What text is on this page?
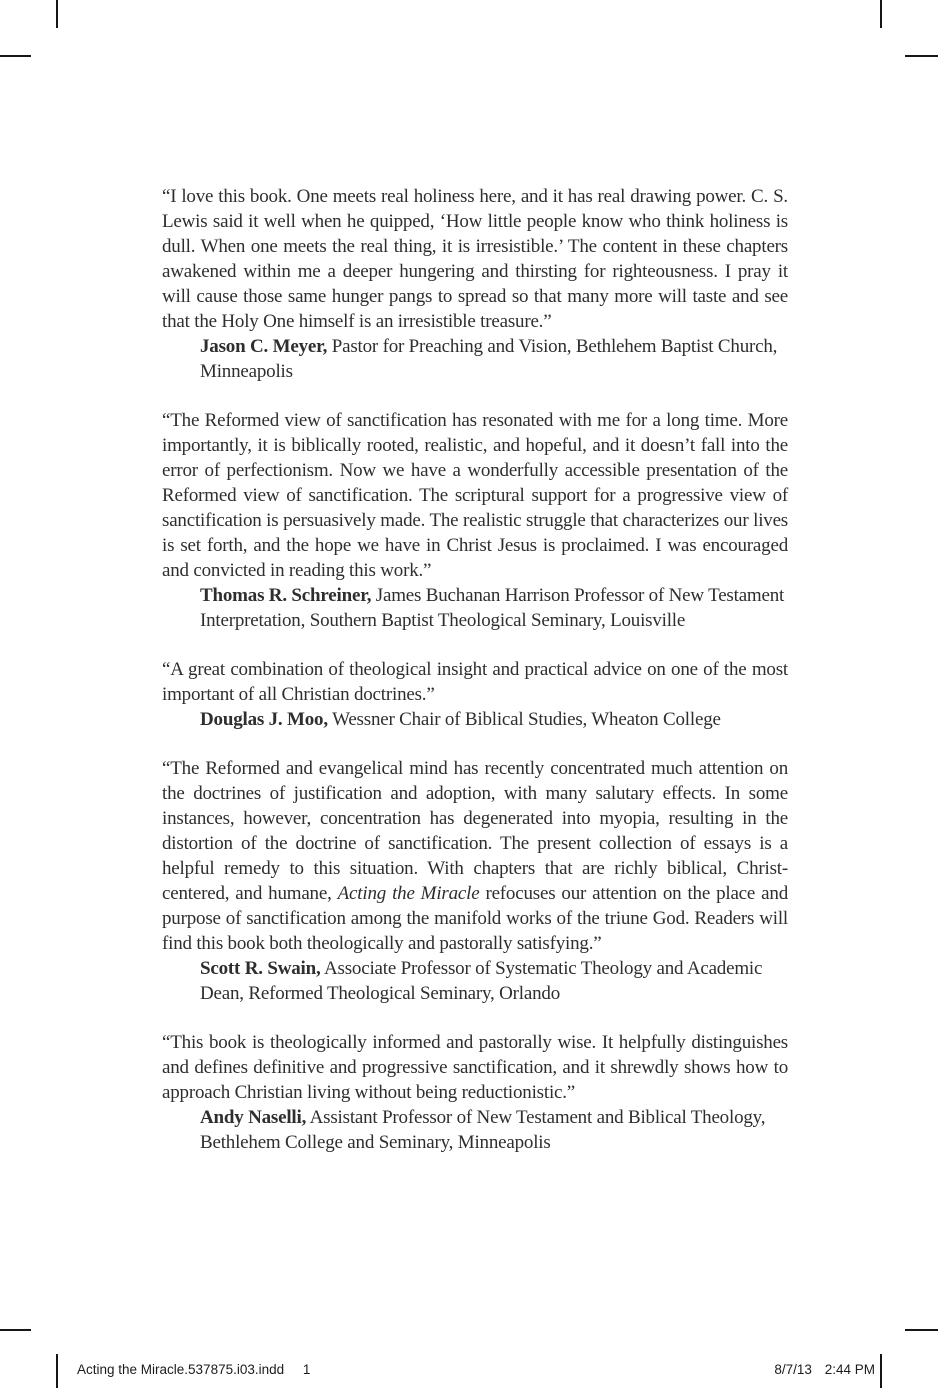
“I love this book. One meets real holiness here, and it has real drawing power. C. S. Lewis said it well when he quipped, ‘How little people know who think holiness is dull. When one meets the real thing, it is irresistible.’ The content in these chapters awakened within me a deeper hungering and thirsting for righteousness. I pray it will cause those same hunger pangs to spread so that many more will taste and see that the Holy One himself is an irresistible treasure.”

Jason C. Meyer, Pastor for Preaching and Vision, Bethlehem Baptist Church, Minneapolis

“The Reformed view of sanctification has resonated with me for a long time. More importantly, it is biblically rooted, realistic, and hopeful, and it doesn’t fall into the error of perfectionism. Now we have a wonderfully accessible presentation of the Reformed view of sanctification. The scriptural support for a progressive view of sanctification is persuasively made. The realistic struggle that characterizes our lives is set forth, and the hope we have in Christ Jesus is proclaimed. I was encouraged and convicted in reading this work.”

Thomas R. Schreiner, James Buchanan Harrison Professor of New Testament Interpretation, Southern Baptist Theological Seminary, Louisville

“A great combination of theological insight and practical advice on one of the most important of all Christian doctrines.”

Douglas J. Moo, Wessner Chair of Biblical Studies, Wheaton College

“The Reformed and evangelical mind has recently concentrated much attention on the doctrines of justification and adoption, with many salutary effects. In some instances, however, concentration has degenerated into myopia, resulting in the distortion of the doctrine of sanctification. The present collection of essays is a helpful remedy to this situation. With chapters that are richly biblical, Christ-centered, and humane, Acting the Miracle refocuses our attention on the place and purpose of sanctification among the manifold works of the triune God. Readers will find this book both theologically and pastorally satisfying.”

Scott R. Swain, Associate Professor of Systematic Theology and Academic Dean, Reformed Theological Seminary, Orlando

“This book is theologically informed and pastorally wise. It helpfully distinguishes and defines definitive and progressive sanctification, and it shrewdly shows how to approach Christian living without being reductionistic.”

Andy Naselli, Assistant Professor of New Testament and Biblical Theology, Bethlehem College and Seminary, Minneapolis

Acting the Miracle.537875.i03.indd 1	8/7/13 2:44 PM
